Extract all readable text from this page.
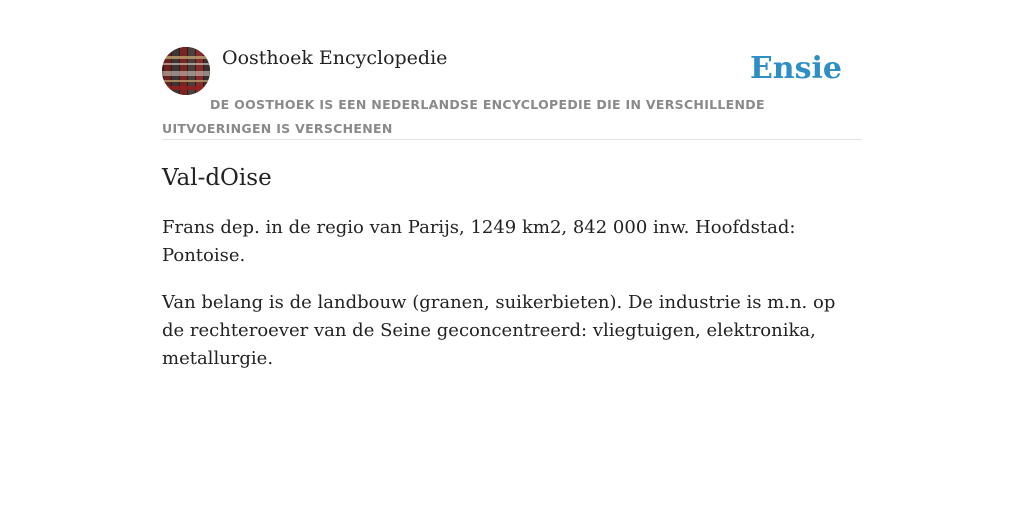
Oosthoek Encyclopedie	Ensie
DE OOSTHOEK IS EEN NEDERLANDSE ENCYCLOPEDIE DIE IN VERSCHILLENDE UITVOERINGEN IS VERSCHENEN
Val-dOise

Frans dep. in de regio van Parijs, 1249 km2, 842 000 inw. Hoofdstad: Pontoise.

Van belang is de landbouw (granen, suikerbieten). De industrie is m.n. op de rechteroever van de Seine geconcentreerd: vliegtuigen, elektronika, metallurgie.
